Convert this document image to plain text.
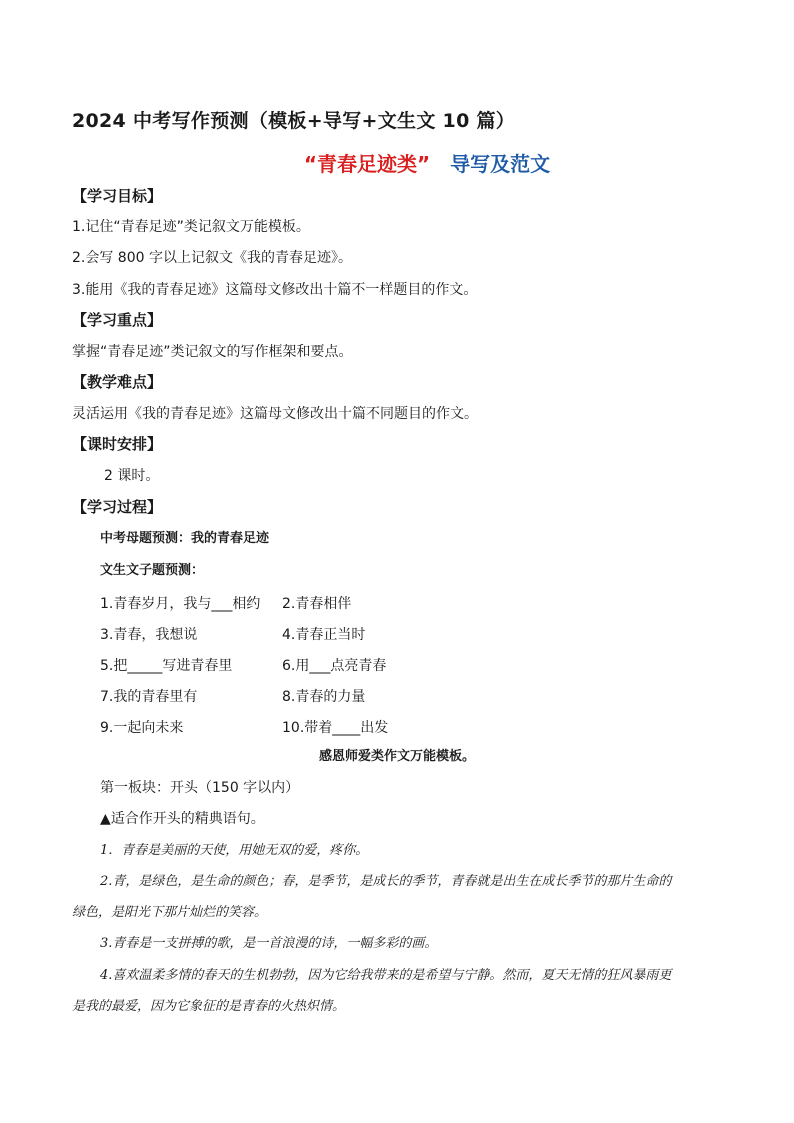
2024 中考写作预测（模板+导写+文生文 10 篇）
“青春足迹类” 导写及范文
【学习目标】
1.记住“青春足迹”类记叙文万能模板。
2.会写 800 字以上记叙文《我的青春足迹》。
3.能用《我的青春足迹》这篇母文修改出十篇不一样题目的作文。
【学习重点】
掌握“青春足迹”类记叙文的写作框架和要点。
【教学难点】
灵活运用《我的青春足迹》这篇母文修改出十篇不同题目的作文。
【课时安排】
2 课时。
【学习过程】
中考母题预测：我的青春足迹
文生文子题预测：
1.青春岁月，我与___相约 2.青春相伴
3.青春，我想说	4.青春正当时
5.把_____写进青春里	6.用___点亮青春
7.我的青春里有	8.青春的力量
9.一起向未来	10.带着____出发
感恩师爱类作文万能模板。
第一板块：开头（150 字以内）
▲适合作开头的精典语句。
1．青春是美丽的天使，用她无双的爱，疼你。
2.青，是绿色，是生命的颜色；春，是季节，是成长的季节，青春就是出生在成长季节的那片生命的
绿色，是阳光下那片灿烂的笑容。
3.青春是一支拼搏的歌，是一首浪漫的诗，一幅多彩的画。
4.喜欢温柔多情的春天的生机勃勃，因为它给我带来的是希望与宁静。然而，夏天无情的狂风暴雨更
是我的最爱，因为它象征的是青春的火热炽情。
